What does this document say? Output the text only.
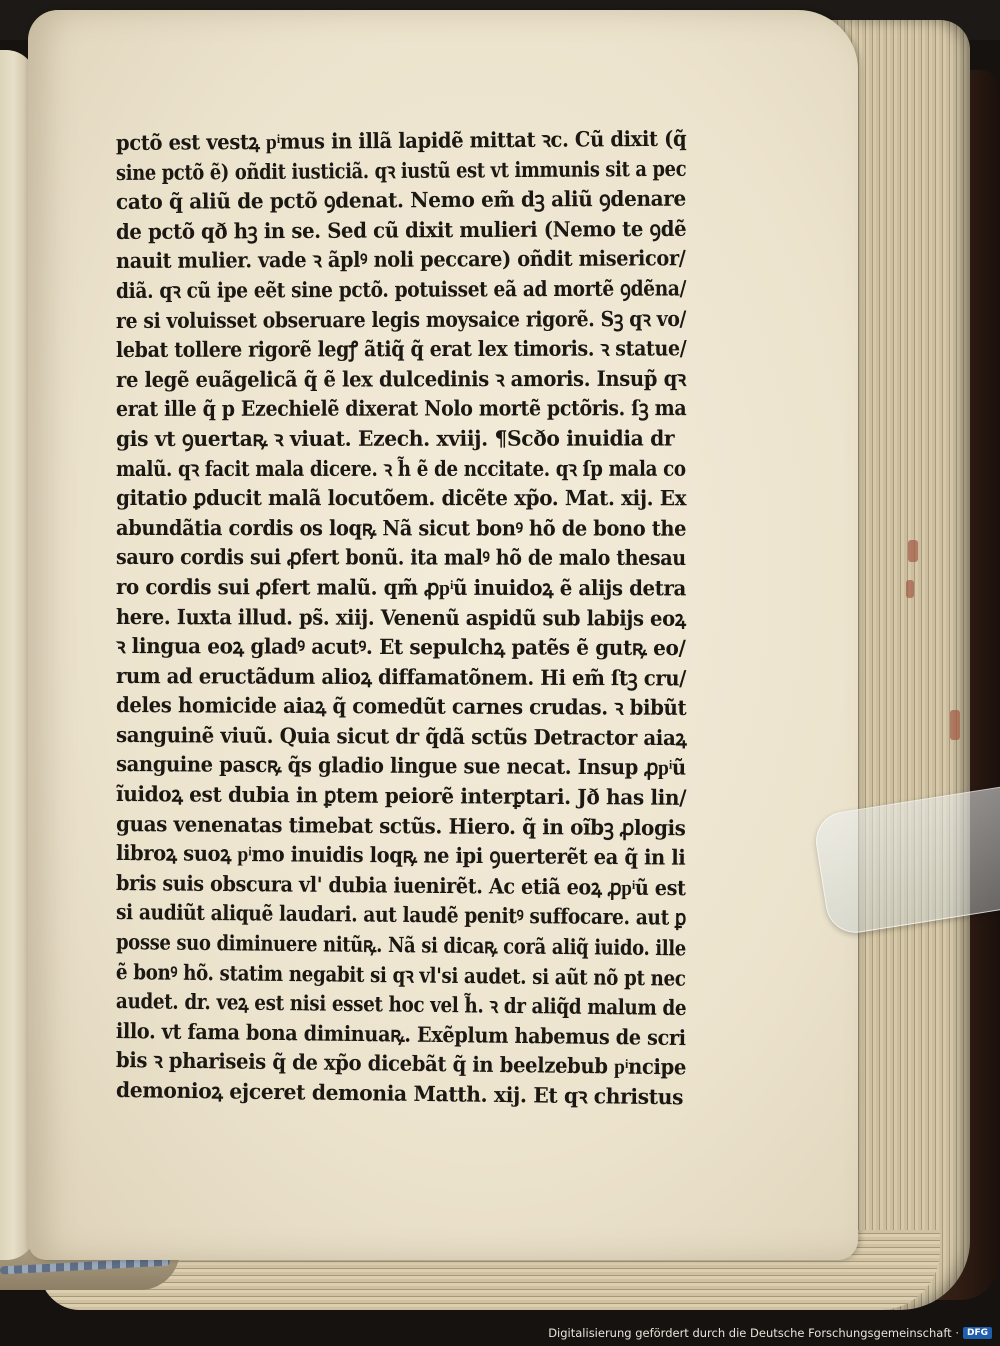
pctõ est vestꝝ pͥmus in illã lapidẽ mittat ꝛc. Cũ dixit (q̃
sine pctõ ẽ) oñdit iusticiã. qꝛ iustũ est vt immunis sit a pec
cato q̃ aliũ de pctõ ꝯdenat. Nemo em̃ dꝫ aliũ ꝯdenare
de pctõ qð hꝫ in se. Sed cũ dixit mulieri (Nemo te ꝯdẽ
nauit mulier. vade ꝛ ãplꝰ noli peccare) oñdit misericor∕
diã. qꝛ cũ ipe eẽt sine pctõ. potuisset eã ad mortẽ ꝯdẽna∕
re si voluisset obseruare legis moysaice rigorẽ. Sꝫ qꝛ vo∕
lebat tollere rigorẽ legꝭ ãtiq̃ q̃ erat lex timoris. ꝛ statue∕
re legẽ euãgelicã q̃ ẽ lex dulcedinis ꝛ amoris. Insup̃ qꝛ
erat ille q̃ p Ezechielẽ dixerat Nolo mortẽ pctõris. ſꝫ ma
gis vt ꝯuertaꝶ ꝛ viuat. Ezech. xviij. ¶Scðo inuidia dr
malũ. qꝛ facit mala dicere. ꝛ h̃ ẽ de nccitate. qꝛ ſp mala co
gitatio ꝑducit malã locutõem. dicẽte xp̃o. Mat. xij. Ex
abundãtia cordis os loqꝶ Nã sicut bonꝰ hõ de bono the
sauro cordis sui ꝓfert bonũ. ita malꝰ hõ de malo thesau
ro cordis sui ꝓfert malũ. qm̃ ꝓpͥũ inuidoꝝ ẽ alijs detra
here. Iuxta illud. ps̃. xiij. Venenũ aspidũ sub labijs eoꝝ
ꝛ lingua eoꝝ gladꝰ acutꝰ. Et sepulchꝝ patẽs ẽ gutꝶ eo∕
rum ad eructãdum alioꝝ diffamatõnem. Hi em̃ ſtꝫ cru∕
deles homicide aiaꝝ q̃ comedũt carnes crudas. ꝛ bibũt
sanguinẽ viuũ. Quia sicut dr q̃dã sctũs Detractor aiaꝝ
sanguine pascꝶ q̃s gladio lingue sue necat. Insup ꝓpͥũ
ĩuidoꝝ est dubia in ꝑtem peiorẽ interꝑtari. Jð has lin∕
guas venenatas timebat sctũs. Hiero. q̃ in oĩbꝫ ꝓlogis
libroꝝ suoꝝ pͥmo inuidis loqꝶ ne ipi ꝯuerterẽt ea q̃ in li
bris suis obscura vl' dubia iuenirẽt. Ac etiã eoꝝ ꝓpͥũ est
si audiũt aliquẽ laudari. aut laudẽ penitꝰ suffocare. aut ꝑ
posse suo diminuere nitũꝶ. Nã si dicaꝶ corã aliq̃ iuido. ille
ẽ bonꝰ hõ. statim negabit si qꝛ vl'si audet. si aũt nõ pt nec
audet. dr. veꝝ est nisi esset hoc vel h̃. ꝛ dr aliq̃d malum de
illo. vt fama bona diminuaꝶ. Exẽplum habemus de scri
bis ꝛ phariseis q̃ de xp̃o dicebãt q̃ in beelzebub pͥncipe
demonioꝝ ejceret demonia Matth. xij. Et qꝛ christus
Digitalisierung gefördert durch die Deutsche Forschungsgemeinschaft · DFG
